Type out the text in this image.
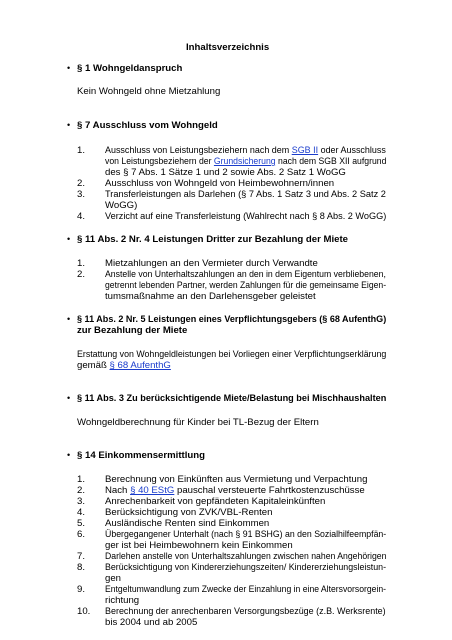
Inhaltsverzeichnis
• § 1 Wohngeldanspruch
Kein Wohngeld ohne Mietzahlung
• § 7 Ausschluss vom Wohngeld
1. Ausschluss von Leistungsbeziehern nach dem SGB II oder Ausschluss
von Leistungsbeziehern der Grundsicherung nach dem SGB XII aufgrund
des § 7 Abs. 1 Sätze 1 und 2 sowie Abs. 2 Satz 1 WoGG
2. Ausschluss von Wohngeld von Heimbewohnern/innen
3. Transferleistungen als Darlehen (§ 7 Abs. 1 Satz 3 und Abs. 2 Satz 2
WoGG)
4. Verzicht auf eine Transferleistung (Wahlrecht nach § 8 Abs. 2 WoGG)
• § 11 Abs. 2 Nr. 4 Leistungen Dritter zur Bezahlung der Miete
1. Mietzahlungen an den Vermieter durch Verwandte
2. Anstelle von Unterhaltszahlungen an den in dem Eigentum verbliebenen,
getrennt lebenden Partner, werden Zahlungen für die gemeinsame Eigen-
tumsmaßnahme an den Darlehensgeber geleistet
• § 11 Abs. 2 Nr. 5 Leistungen eines Verpflichtungsgebers (§ 68 AufenthG)
zur Bezahlung der Miete
Erstattung von Wohngeldleistungen bei Vorliegen einer Verpflichtungserklärung
gemäß § 68 AufenthG
• § 11 Abs. 3 Zu berücksichtigende Miete/Belastung bei Mischhaushalten
Wohngeldberechnung für Kinder bei TL-Bezug der Eltern
• § 14 Einkommensermittlung
1. Berechnung von Einkünften aus Vermietung und Verpachtung
2. Nach § 40 EStG pauschal versteuerte Fahrtkostenzuschüsse
3. Anrechenbarkeit von gepfändeten Kapitaleinkünften
4. Berücksichtigung von ZVK/VBL-Renten
5. Ausländische Renten sind Einkommen
6. Übergegangener Unterhalt (nach § 91 BSHG) an den Sozialhilfeempfän-
ger ist bei Heimbewohnern kein Einkommen
7. Darlehen anstelle von Unterhaltszahlungen zwischen nahen Angehörigen
8. Berücksichtigung von Kindererziehungszeiten/ Kindererziehungsleistun-
gen
9. Entgeltumwandlung zum Zwecke der Einzahlung in eine Altersvorsorgein-
richtung
10. Berechnung der anrechenbaren Versorgungsbezüge (z.B. Werksrente)
bis 2004 und ab 2005
